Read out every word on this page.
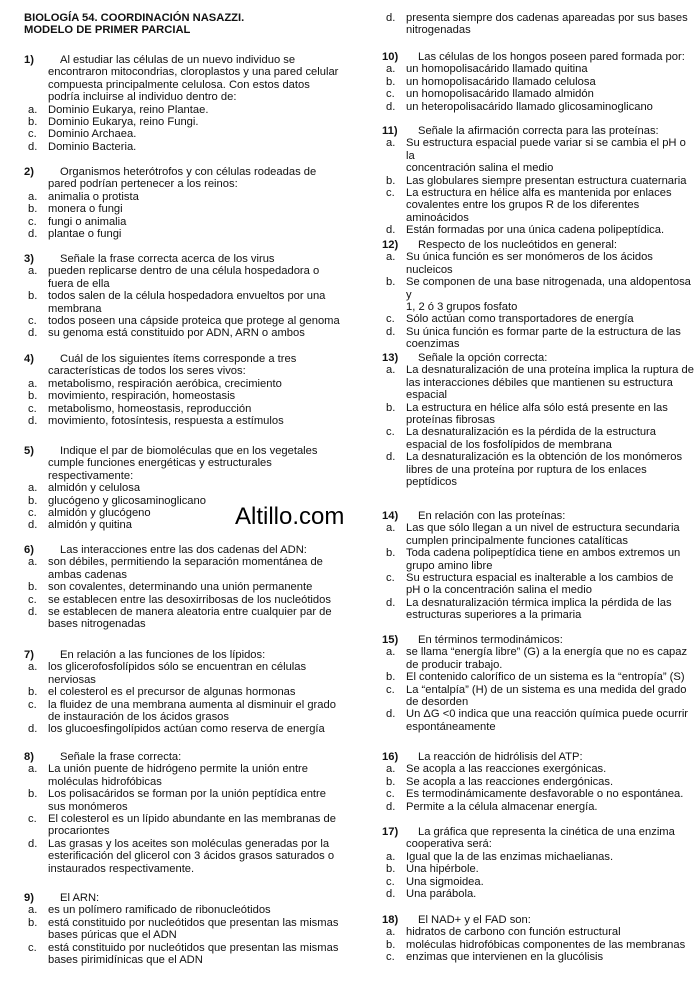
BIOLOGÍA 54. COORDINACIÓN NASAZZI.
MODELO DE PRIMER PARCIAL
1)	Al estudiar las células de un nuevo individuo se
encontraron mitocondrias, cloroplastos y una pared celular
compuesta principalmente celulosa. Con estos datos
podría incluirse al individuo dentro de:
a. Dominio Eukarya, reino Plantae.
b. Dominio Eukarya, reino Fungi.
c. Dominio Archaea.
d. Dominio Bacteria.
2)	Organismos heterótrofos y con células rodeadas de
pared podrían pertenecer a los reinos:
a. animalia o protista
b. monera o fungi
c. fungi o animalia
d. plantae o fungi
3)	Señale la frase correcta acerca de los virus
a. pueden replicarse dentro de una célula hospedadora o
fuera de ella
b. todos salen de la célula hospedadora envueltos por una
membrana
c. todos poseen una cápside proteica que protege al genoma
d. su genoma está constituido por ADN, ARN o ambos
4)	Cuál de los siguientes ítems corresponde a tres
características de todos los seres vivos:
a. metabolismo, respiración aeróbica, crecimiento
b. movimiento, respiración, homeostasis
c. metabolismo, homeostasis, reproducción
d. movimiento, fotosíntesis, respuesta a estímulos
5)	Indique el par de biomoléculas que en los vegetales
cumple funciones energéticas y estructurales
respectivamente:
a. almidón y celulosa
b. glucógeno y glicosaminoglicano
c. almidón y glucógeno
d. almidón y quitina
6)	Las interacciones entre las dos cadenas del ADN:
a. son débiles, permitiendo la separación momentánea de
ambas cadenas
b. son covalentes, determinando una unión permanente
c. se establecen entre las desoxirribosas de los nucleótidos
d. se establecen de manera aleatoria entre cualquier par de
bases nitrogenadas
7)	En relación a las funciones de los lípidos:
a. los glicerofosfolípidos sólo se encuentran en células
nerviosas
b. el colesterol es el precursor de algunas hormonas
c. la fluidez de una membrana aumenta al disminuir el grado
de instauración de los ácidos grasos
d. los glucoesfingolípidos actúan como reserva de energía
8)	Señale la frase correcta:
a. La unión puente de hidrógeno permite la unión entre
moléculas hidrofóbicas
b. Los polisacáridos se forman por la unión peptídica entre
sus monómeros
c. El colesterol es un lípido abundante en las membranas de
procariontes
d. Las grasas y los aceites son moléculas generadas por la
esterificación del glicerol con 3 ácidos grasos saturados o
instaurados respectivamente.
9)	El ARN:
a. es un polímero ramificado de ribonucleótidos
b. está constituido por nucleótidos que presentan las mismas
bases púricas que el ADN
c. está constituido por nucleótidos que presentan las mismas
bases pirimidínicas que el ADN
d. presenta siempre dos cadenas apareadas por sus bases
nitrogenadas
10)	Las células de los hongos poseen pared formada por:
a. un homopolisacárido llamado quitina
b. un homopolisacárido llamado celulosa
c. un homopolisacárido llamado almidón
d. un heteropolisacárido llamado glicosaminoglicano
11)	Señale la afirmación correcta para las proteínas:
a. Su estructura espacial puede variar si se cambia el pH o la
concentración salina el medio
b. Las globulares siempre presentan estructura cuaternaria
c. La estructura en hélice alfa es mantenida por enlaces
covalentes entre los grupos R de los diferentes
aminoácidos
d. Están formadas por una única cadena polipeptídica.
12)	Respecto de los nucleótidos en general:
a. Su única función es ser monómeros de los ácidos
nucleicos
b. Se componen de una base nitrogenada, una aldopentosa y
1, 2 ó 3 grupos fosfato
c. Sólo actúan como transportadores de energía
d. Su única función es formar parte de la estructura de las
coenzimas
13)	Señale la opción correcta:
a. La desnaturalización de una proteína implica la ruptura de
las interacciones débiles que mantienen su estructura
espacial
b. La estructura en hélice alfa sólo está presente en las
proteínas fibrosas
c. La desnaturalización es la pérdida de la estructura
espacial de los fosfolípidos de membrana
d. La desnaturalización es la obtención de los monómeros
libres de una proteína por ruptura de los enlaces
peptídicos
14)	En relación con las proteínas:
a. Las que sólo llegan a un nivel de estructura secundaria
cumplen principalmente funciones catalíticas
b. Toda cadena polipeptídica tiene en ambos extremos un
grupo amino libre
c. Su estructura espacial es inalterable a los cambios de
pH o la concentración salina el medio
d. La desnaturalización térmica implica la pérdida de las
estructuras superiores a la primaria
15)	En términos termodinámicos:
a. se llama “energía libre” (G) a la energía que no es capaz
de producir trabajo.
b. El contenido calorífico de un sistema es la “entropía” (S)
c. La “entalpía” (H) de un sistema es una medida del grado
de desorden
d. Un ΔG <0 indica que una reacción química puede ocurrir
espontáneamente
16)	La reacción de hidrólisis del ATP:
a. Se acopla a las reacciones exergónicas.
b. Se acopla a las reacciones endergónicas.
c. Es termodinámicamente desfavorable o no espontánea.
d. Permite a la célula almacenar energía.
17)	La gráfica que representa la cinética de una enzima
cooperativa será:
a. Igual que la de las enzimas michaelianas.
b. Una hipérbole.
c. Una sigmoidea.
d. Una parábola.
18)	El NAD+ y el FAD son:
a. hidratos de carbono con función estructural
b. moléculas hidrofóbicas componentes de las membranas
c. enzimas que intervienen en la glucólisis
Altillo.com
